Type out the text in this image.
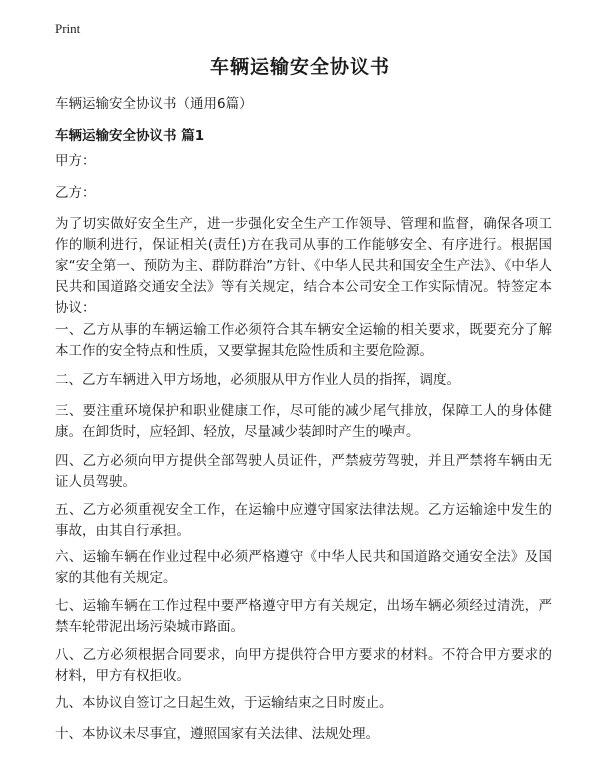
Print
车辆运输安全协议书
车辆运输安全协议书（通用6篇）
车辆运输安全协议书 篇1

甲方：

乙方：

为了切实做好安全生产，进一步强化安全生产工作领导、管理和监督，确保各项工作的顺利进行，保证相关(责任)方在我司从事的工作能够安全、有序进行。根据国家“安全第一、预防为主、群防群治”方针、《中华人民共和国安全生产法》、《中华人民共和国道路交通安全法》等有关规定，结合本公司安全工作实际情况。特签定本协议：

一、乙方从事的车辆运输工作必须符合其车辆安全运输的相关要求，既要充分了解本工作的安全特点和性质，又要掌握其危险性质和主要危险源。

二、乙方车辆进入甲方场地，必须服从甲方作业人员的指挥，调度。

三、要注重环境保护和职业健康工作，尽可能的减少尾气排放，保障工人的身体健康。在卸货时，应轻卸、轻放，尽量减少装卸时产生的噪声。

四、乙方必须向甲方提供全部驾驶人员证件，严禁疲劳驾驶，并且严禁将车辆由无证人员驾驶。

五、乙方必须重视安全工作，在运输中应遵守国家法律法规。乙方运输途中发生的事故，由其自行承担。

六、运输车辆在作业过程中必须严格遵守《中华人民共和国道路交通安全法》及国家的其他有关规定。

七、运输车辆在工作过程中要严格遵守甲方有关规定，出场车辆必须经过清洗，严禁车轮带泥出场污染城市路面。

八、乙方必须根据合同要求，向甲方提供符合甲方要求的材料。不符合甲方要求的材料，甲方有权拒收。

九、本协议自签订之日起生效，于运输结束之日时废止。

十、本协议未尽事宜，遵照国家有关法律、法规处理。
